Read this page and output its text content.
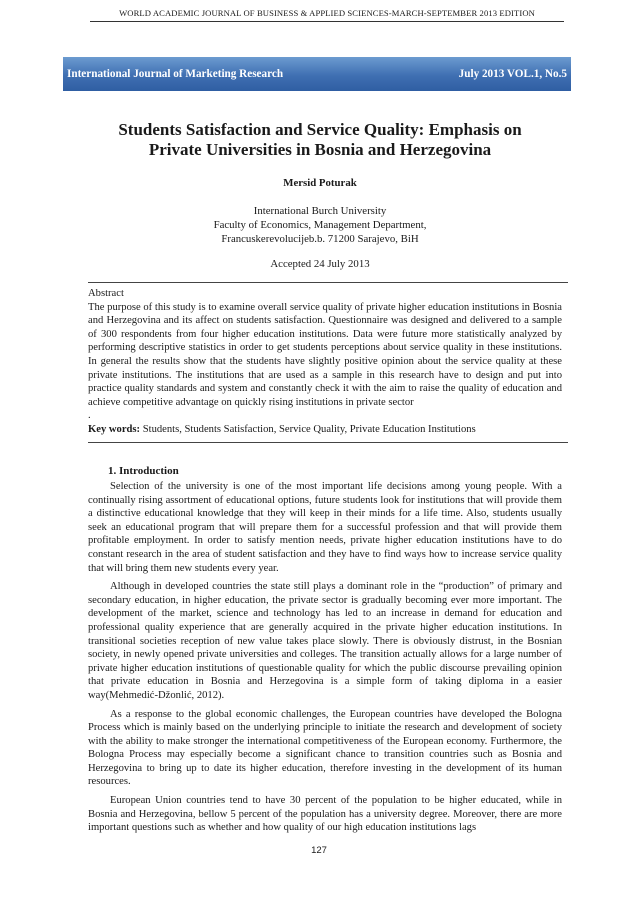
WORLD ACADEMIC JOURNAL OF BUSINESS & APPLIED SCIENCES-MARCH-SEPTEMBER 2013 EDITION
International Journal of Marketing Research	July 2013 VOL.1, No.5
Students Satisfaction and Service Quality: Emphasis on
Private Universities in Bosnia and Herzegovina
Mersid Poturak
International Burch University
Faculty of Economics, Management Department,
Francuskerevolucijeb.b. 71200 Sarajevo, BiH
Accepted 24 July 2013

Abstract

The purpose of this study is to examine overall service quality of private higher education institutions in Bosnia and Herzegovina and its affect on students satisfaction. Questionnaire was designed and delivered to a sample of 300 respondents from four higher education institutions. Data were future more statistically analyzed by performing descriptive statistics in order to get students perceptions about service quality in these institutions. In general the results show that the students have slightly positive opinion about the service quality at these private institutions. The institutions that are used as a sample in this research have to design and put into practice quality standards and system and constantly check it with the aim to raise the quality of education and achieve competitive advantage on quickly rising institutions in private sector

.

Key words: Students, Students Satisfaction, Service Quality, Private Education Institutions

1. Introduction

Selection of the university is one of the most important life decisions among young people. With a continually rising assortment of educational options, future students look for institutions that will provide them a distinctive educational knowledge that they will keep in their minds for a life time. Also, students usually seek an educational program that will prepare them for a successful profession and that will provide them profitable employment. In order to satisfy mention needs, private higher education institutions have to do constant research in the area of student satisfaction and they have to find ways how to increase service quality that will bring them new students every year.

Although in developed countries the state still plays a dominant role in the “production” of primary and secondary education, in higher education, the private sector is gradually becoming ever more important. The development of the market, science and technology has led to an increase in demand for education and professional quality experience that are generally acquired in the private higher education institutions. In transitional societies reception of new value takes place slowly. There is obviously distrust, in the Bosnian society, in newly opened private universities and colleges. The transition actually allows for a large number of private higher education institutions of questionable quality for which the public discourse prevailing opinion that private education in Bosnia and Herzegovina is a simple form of taking diploma in a easier way(Mehmedić-Džonlić, 2012).

As a response to the global economic challenges, the European countries have developed the Bologna Process which is mainly based on the underlying principle to initiate the research and development of society with the ability to make stronger the international competitiveness of the European economy. Furthermore, the Bologna Process may especially become a significant chance to transition countries such as Bosnia and Herzegovina to bring up to date its higher education, therefore investing in the development of its human resources.

European Union countries tend to have 30 percent of the population to be higher educated, while in Bosnia and Herzegovina, bellow 5 percent of the population has a university degree. Moreover, there are more important questions such as whether and how quality of our high education institutions lags

127
